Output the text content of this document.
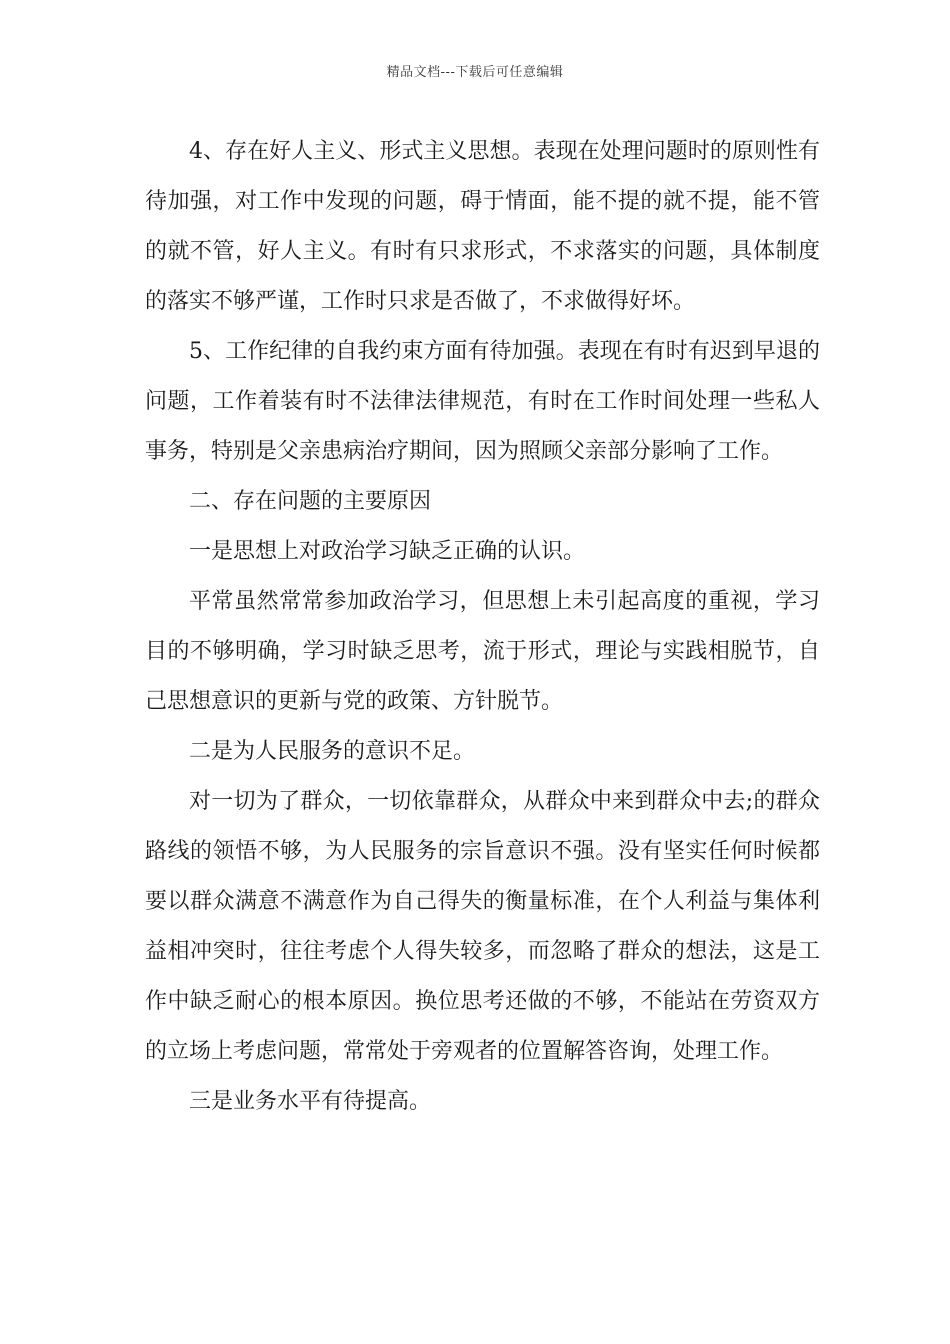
精品文档---下载后可任意编辑

4、存在好人主义、形式主义思想。表现在处理问题时的原则性有待加强，对工作中发现的问题，碍于情面，能不提的就不提，能不管的就不管，好人主义。有时有只求形式，不求落实的问题，具体制度的落实不够严谨，工作时只求是否做了，不求做得好坏。

5、工作纪律的自我约束方面有待加强。表现在有时有迟到早退的问题，工作着装有时不法律法律规范，有时在工作时间处理一些私人事务，特别是父亲患病治疗期间，因为照顾父亲部分影响了工作。

二、存在问题的主要原因

一是思想上对政治学习缺乏正确的认识。

平常虽然常常参加政治学习，但思想上未引起高度的重视，学习目的不够明确，学习时缺乏思考，流于形式，理论与实践相脱节，自己思想意识的更新与党的政策、方针脱节。

二是为人民服务的意识不足。

对一切为了群众，一切依靠群众，从群众中来到群众中去;的群众路线的领悟不够，为人民服务的宗旨意识不强。没有坚实任何时候都要以群众满意不满意作为自己得失的衡量标准，在个人利益与集体利益相冲突时，往往考虑个人得失较多，而忽略了群众的想法，这是工作中缺乏耐心的根本原因。换位思考还做的不够，不能站在劳资双方的立场上考虑问题，常常处于旁观者的位置解答咨询，处理工作。

三是业务水平有待提高。
